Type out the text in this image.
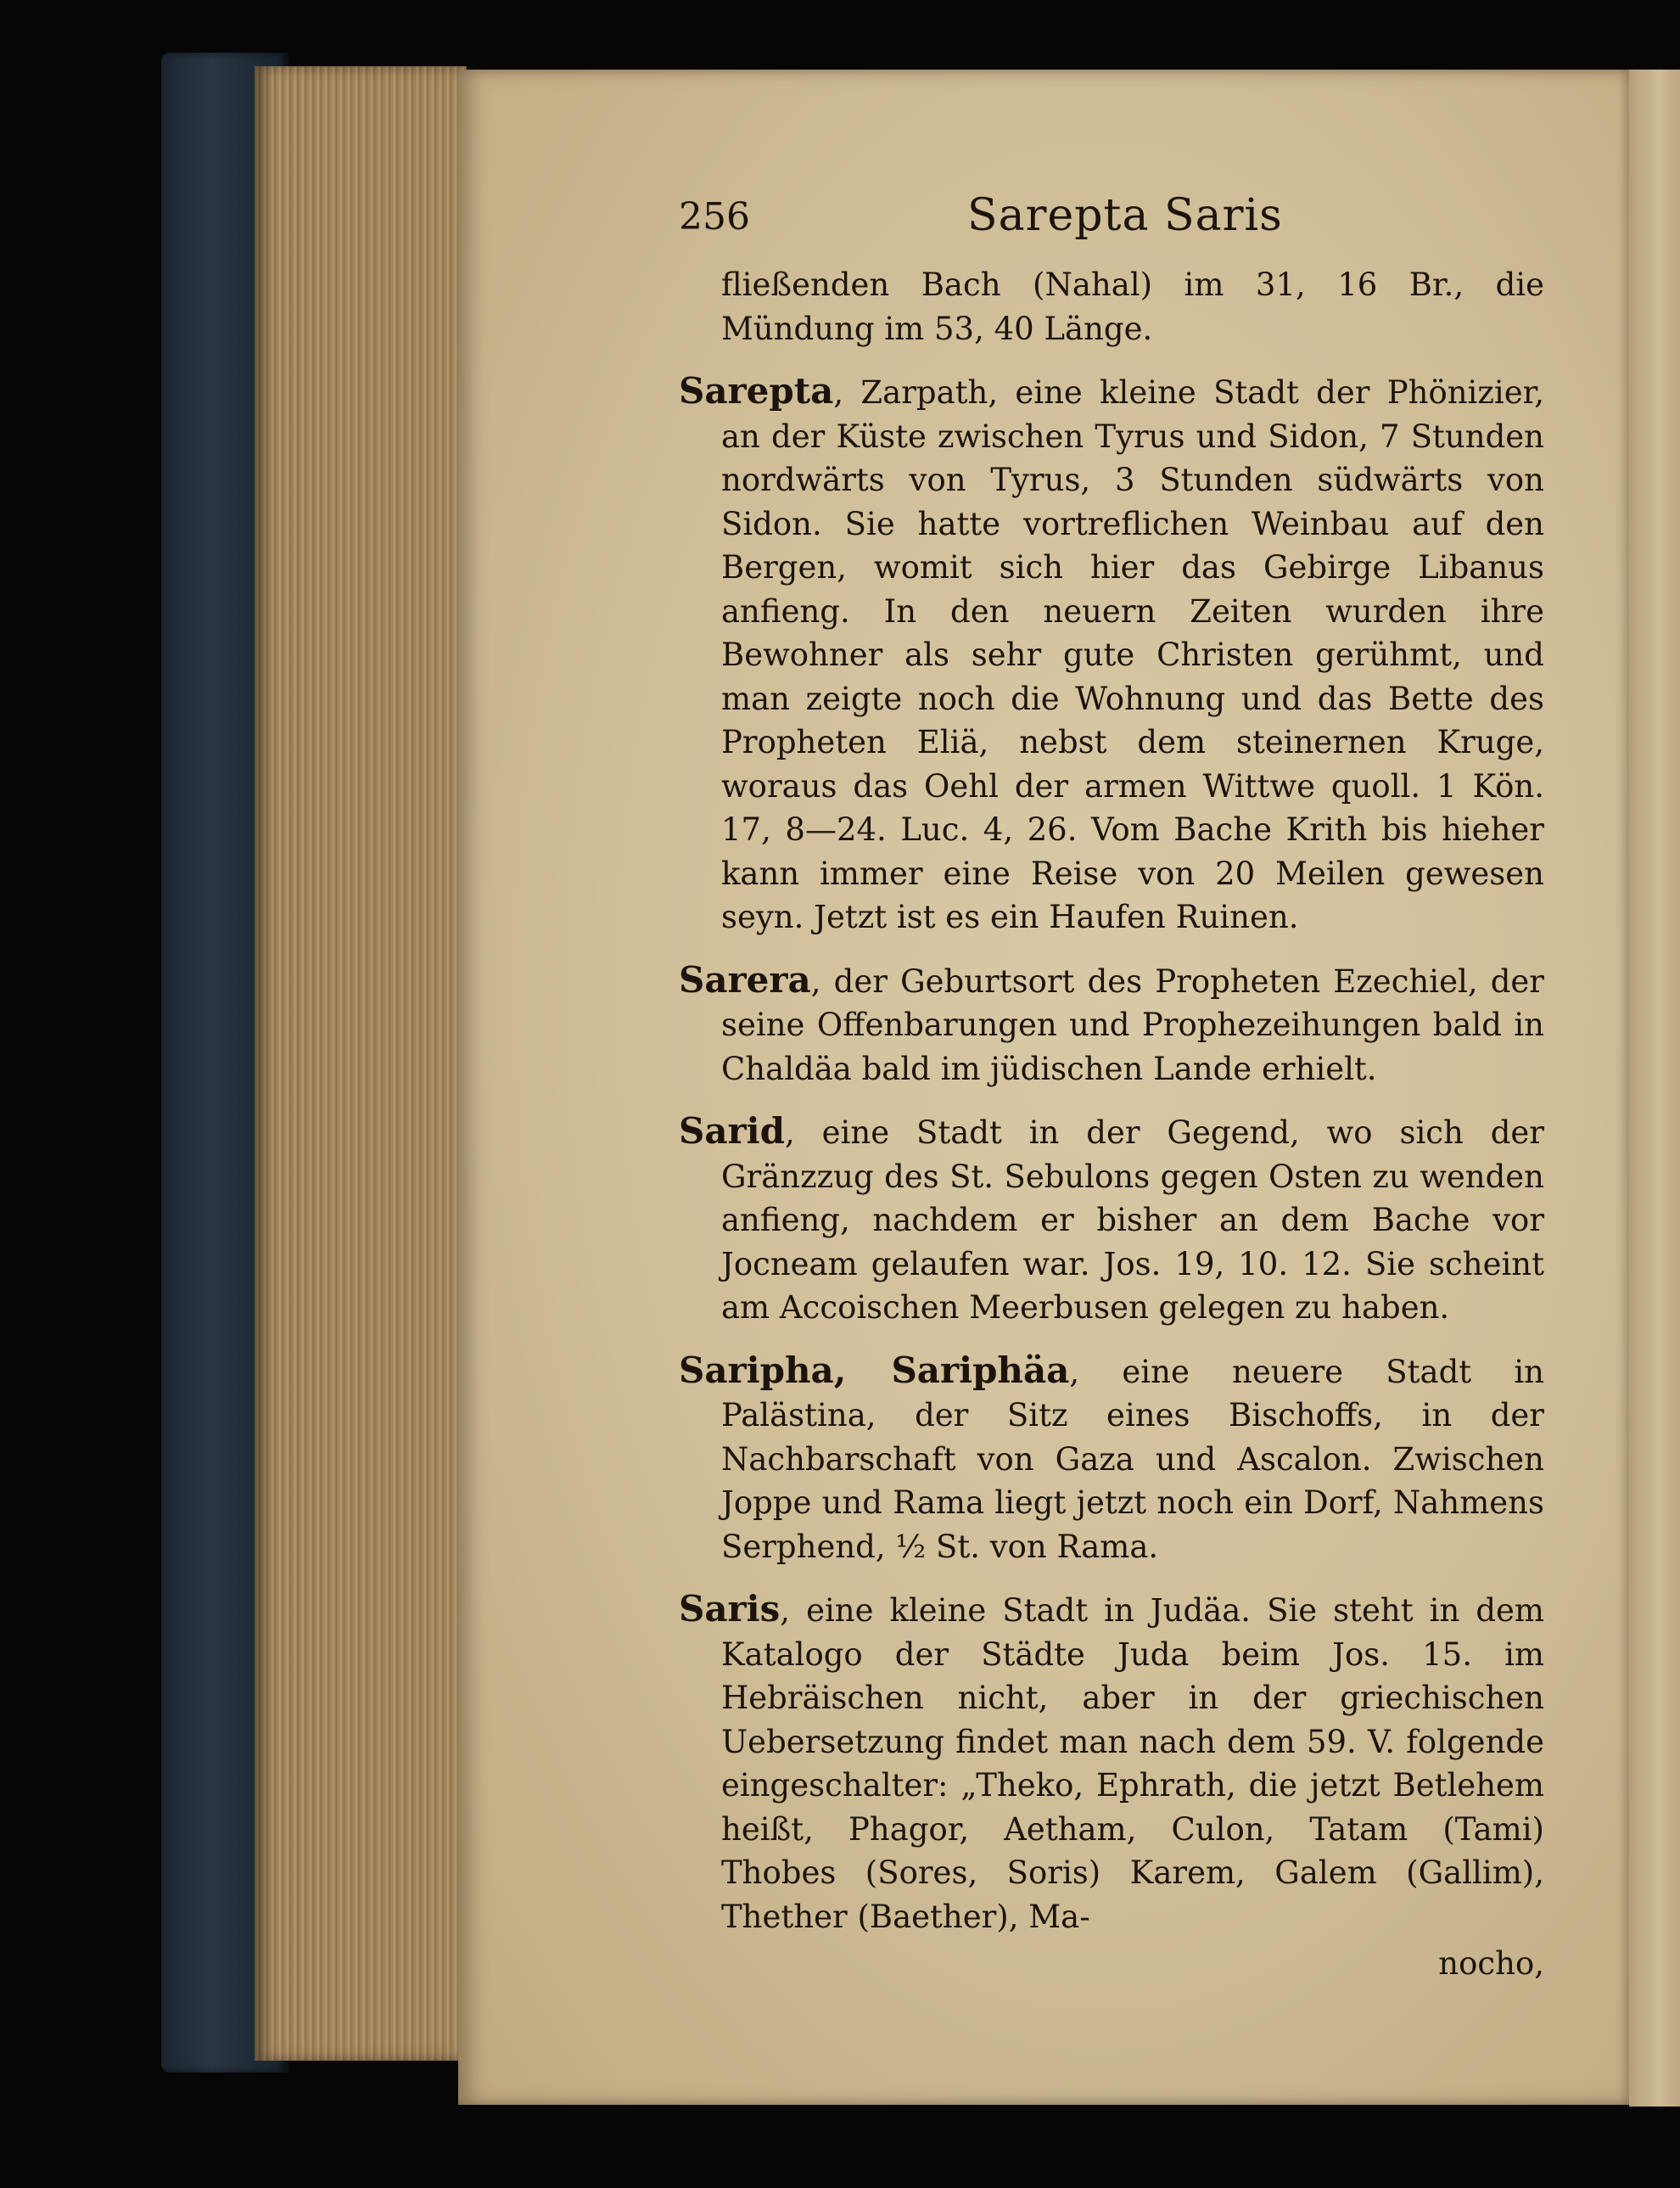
256	Sarepta Saris

fließenden Bach (Nahal) im 31, 16 Br., die Mündung im 53, 40 Länge.

Sarepta, Zarpath, eine kleine Stadt der Phönizier, an der Küste zwischen Tyrus und Sidon, 7 Stunden nordwärts von Tyrus, 3 Stunden südwärts von Sidon. Sie hatte vortreflichen Weinbau auf den Bergen, womit sich hier das Gebirge Libanus anfieng. In den neuern Zeiten wurden ihre Bewohner als sehr gute Christen gerühmt, und man zeigte noch die Wohnung und das Bette des Propheten Eliä, nebst dem steinernen Kruge, woraus das Oehl der armen Wittwe quoll. 1 Kön. 17, 8—24. Luc. 4, 26. Vom Bache Krith bis hieher kann immer eine Reise von 20 Meilen gewesen seyn. Jetzt ist es ein Haufen Ruinen.

Sarera, der Geburtsort des Propheten Ezechiel, der seine Offenbarungen und Prophezeihungen bald in Chaldäa bald im jüdischen Lande erhielt.

Sarid, eine Stadt in der Gegend, wo sich der Gränzzug des St. Sebulons gegen Osten zu wenden anfieng, nachdem er bisher an dem Bache vor Jocneam gelaufen war. Jos. 19, 10. 12. Sie scheint am Accoischen Meerbusen gelegen zu haben.

Sariphа, Sariphäa, eine neuere Stadt in Palästina, der Sitz eines Bischoffs, in der Nachbarschaft von Gaza und Ascalon. Zwischen Joppe und Rama liegt jetzt noch ein Dorf, Nahmens Serphend, ½ St. von Rama.

Saris, eine kleine Stadt in Judäa. Sie steht in dem Katalogo der Städte Juda beim Jos. 15. im Hebräischen nicht, aber in der griechischen Uebersetzung findet man nach dem 59. V. folgende eingeschalter: „Theko, Ephrath, die jetzt Betlehem heißt, Phagor, Aetham, Culon, Tatam (Tami) Thobes (Sores, Soris) Karem, Galem (Gallim), Thether (Baether), Ma-

nocho,
